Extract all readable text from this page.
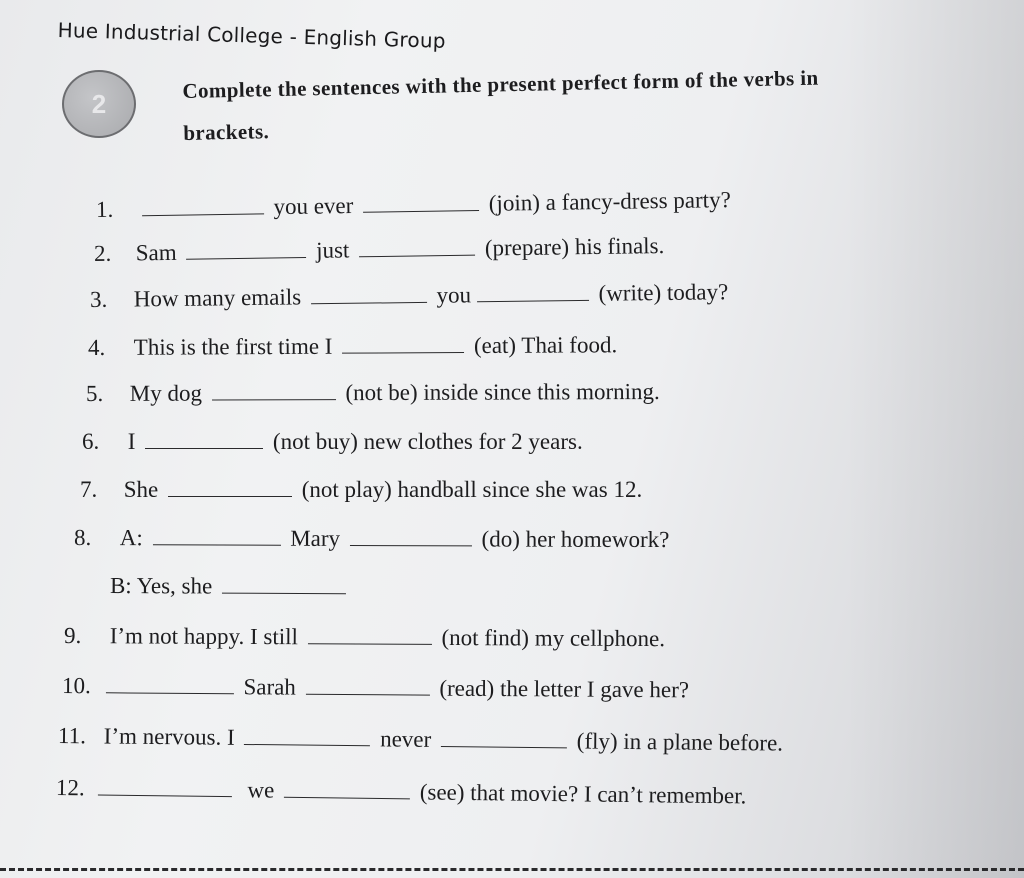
Hue Industrial College - English Group
2
Complete the sentences with the present perfect form of the verbs in
brackets.
1.	you ever	(join) a fancy-dress party?
2. Sam	just	(prepare) his finals.
3. How many emails	you	(write) today?
4. This is the first time I	(eat) Thai food.
5. My dog	(not be) inside since this morning.
6. I	(not buy) new clothes for 2 years.
7. She	(not play) handball since she was 12.
8. A:	Mary	(do) her homework?
B: Yes, she
9. I’m not happy. I still	(not find) my cellphone.
10.	Sarah	(read) the letter I gave her?
11. I’m nervous. I	never	(fly) in a plane before.
12.	we	(see) that movie? I can’t remember.
